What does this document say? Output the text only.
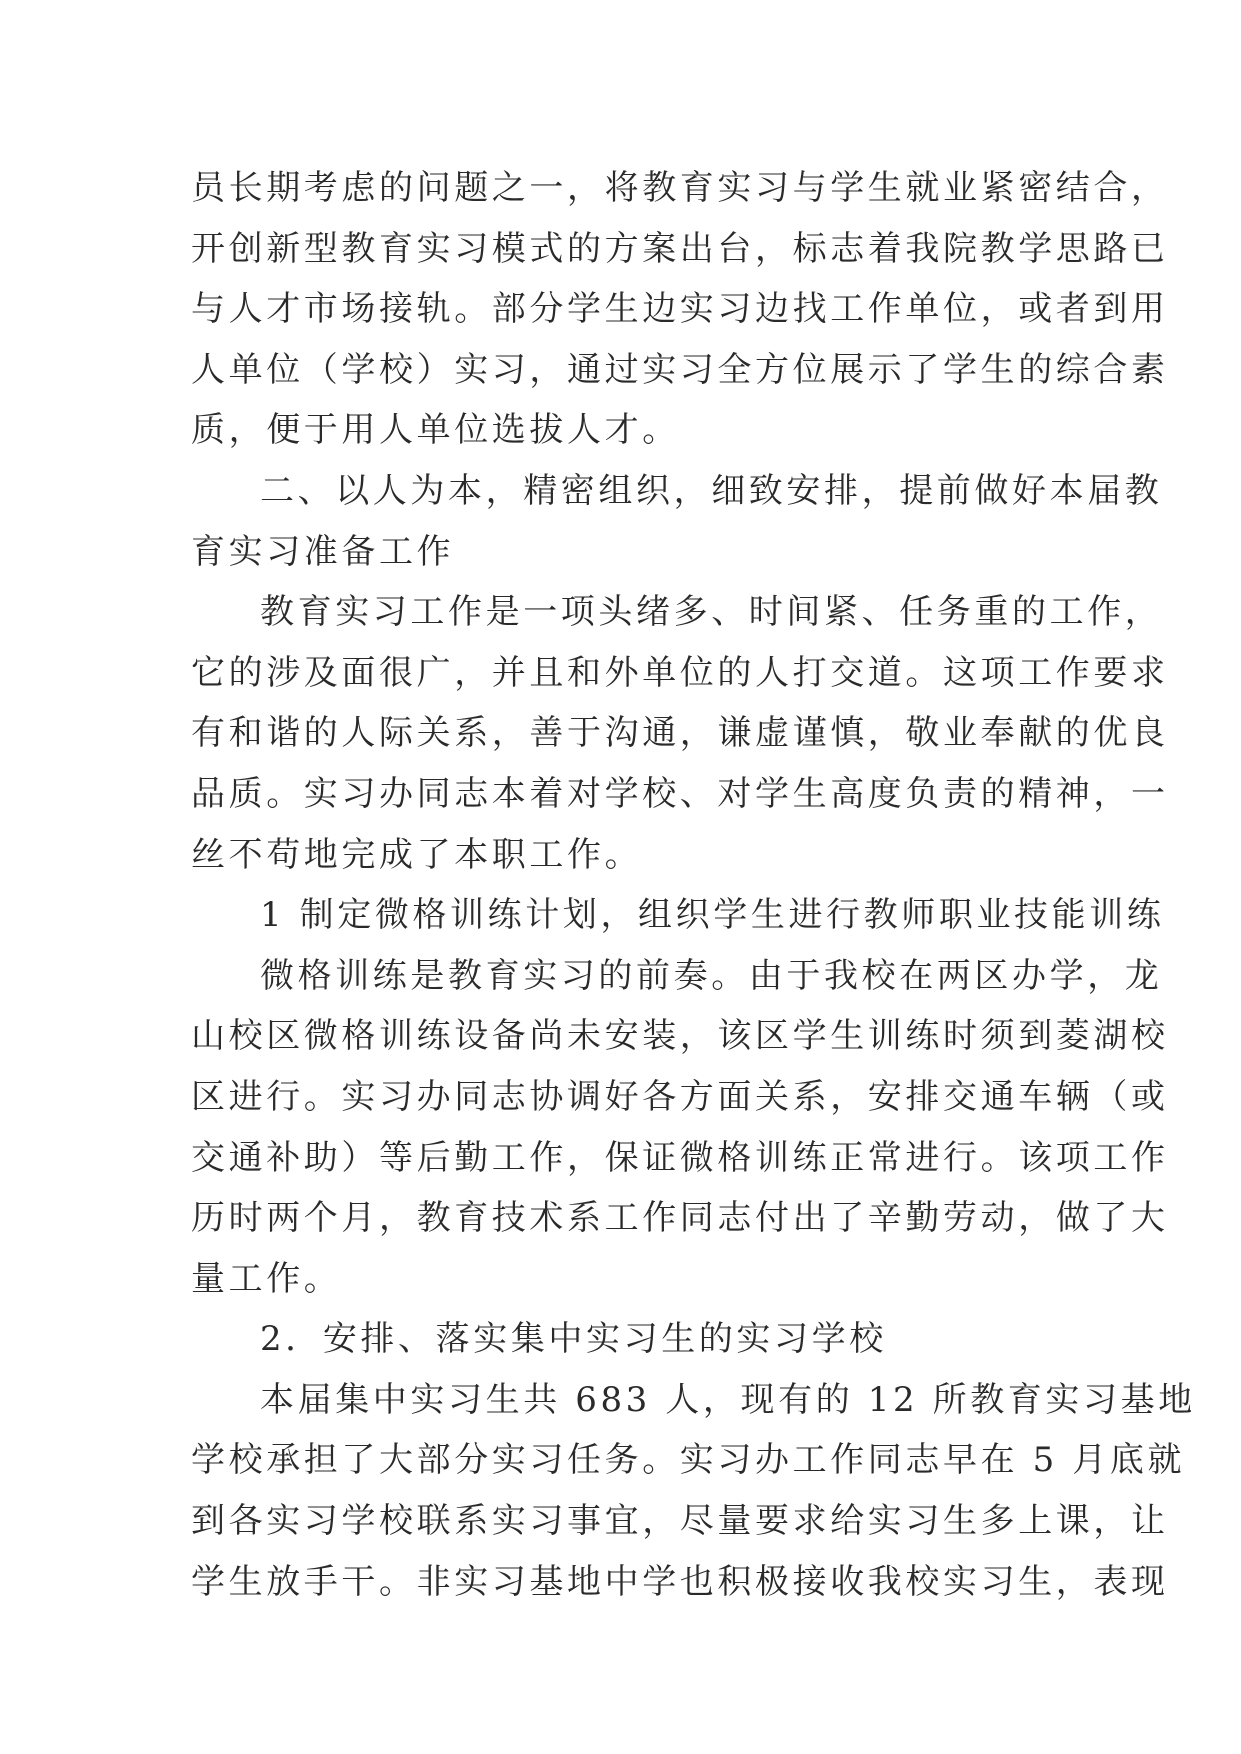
员长期考虑的问题之一，将教育实习与学生就业紧密结合，
开创新型教育实习模式的方案出台，标志着我院教学思路已
与人才市场接轨。部分学生边实习边找工作单位，或者到用
人单位（学校）实习，通过实习全方位展示了学生的综合素
质，便于用人单位选拔人才。
二、以人为本，精密组织，细致安排，提前做好本届教
育实习准备工作
教育实习工作是一项头绪多、时间紧、任务重的工作，
它的涉及面很广，并且和外单位的人打交道。这项工作要求
有和谐的人际关系，善于沟通，谦虚谨慎，敬业奉献的优良
品质。实习办同志本着对学校、对学生高度负责的精神，一
丝不苟地完成了本职工作。
1 制定微格训练计划，组织学生进行教师职业技能训练
微格训练是教育实习的前奏。由于我校在两区办学，龙
山校区微格训练设备尚未安装，该区学生训练时须到菱湖校
区进行。实习办同志协调好各方面关系，安排交通车辆（或
交通补助）等后勤工作，保证微格训练正常进行。该项工作
历时两个月，教育技术系工作同志付出了辛勤劳动，做了大
量工作。
2．安排、落实集中实习生的实习学校
本届集中实习生共 683 人，现有的 12 所教育实习基地
学校承担了大部分实习任务。实习办工作同志早在 5 月底就
到各实习学校联系实习事宜，尽量要求给实习生多上课，让
学生放手干。非实习基地中学也积极接收我校实习生，表现
